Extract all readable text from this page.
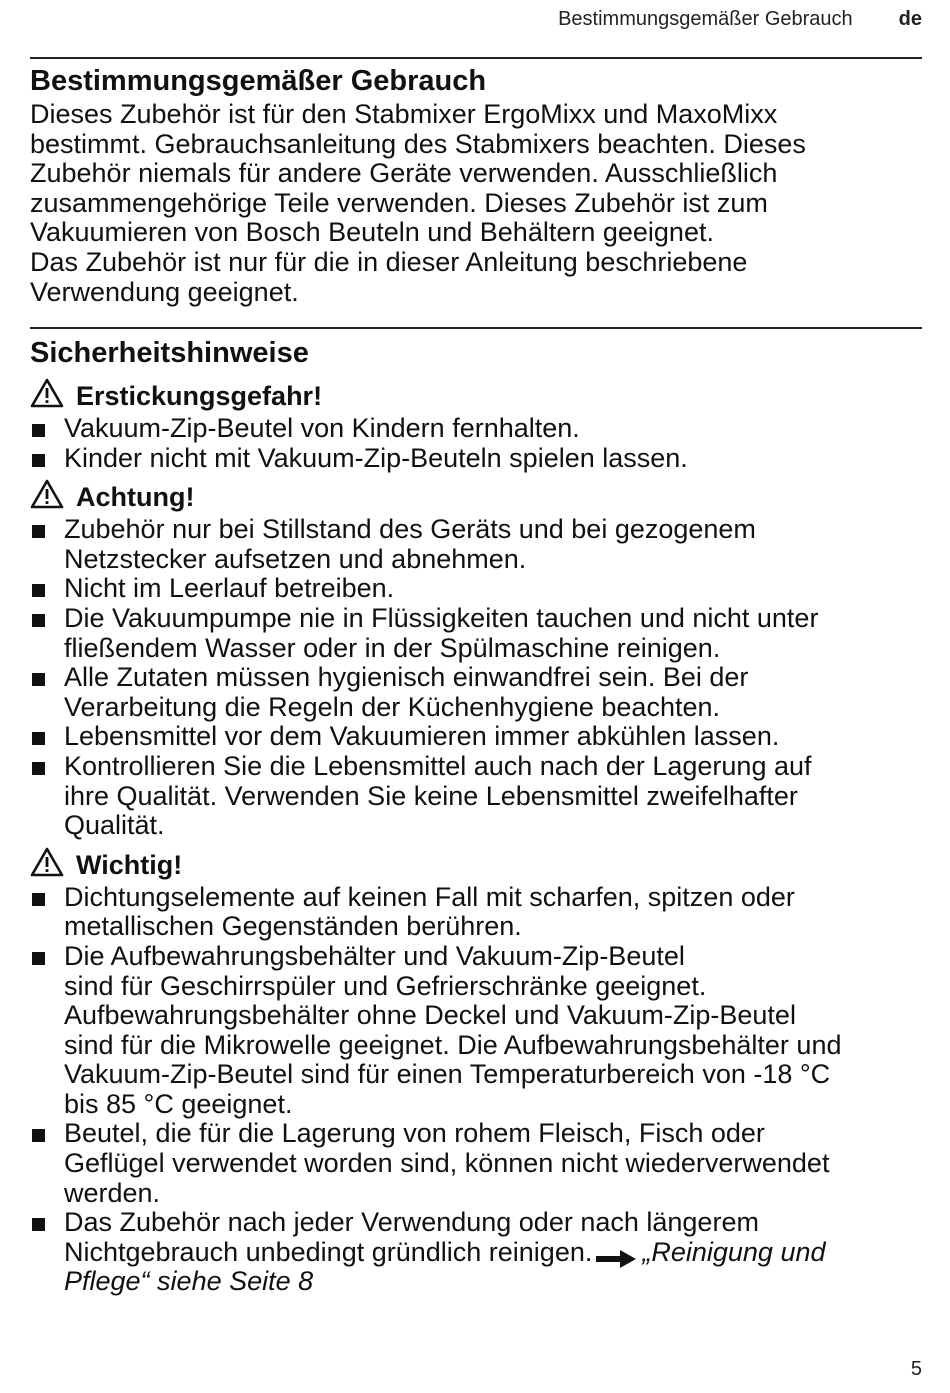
Bestimmungsgemäßer Gebrauch de
Bestimmungsgemäßer Gebrauch
Dieses Zubehör ist für den Stabmixer ErgoMixx und MaxoMixx
bestimmt. Gebrauchsanleitung des Stabmixers beachten. Dieses
Zubehör niemals für andere Geräte verwenden. Ausschließlich
zusammengehörige Teile verwenden. Dieses Zubehör ist zum
Vakuumieren von Bosch Beuteln und Behältern geeignet.
Das Zubehör ist nur für die in dieser Anleitung beschriebene
Verwendung geeignet.
Sicherheitshinweise
Erstickungsgefahr!
Vakuum-Zip-Beutel von Kindern fernhalten.
Kinder nicht mit Vakuum-Zip-Beuteln spielen lassen.
Achtung!
Zubehör nur bei Stillstand des Geräts und bei gezogenem
Netzstecker aufsetzen und abnehmen.
Nicht im Leerlauf betreiben.
Die Vakuumpumpe nie in Flüssigkeiten tauchen und nicht unter
fließendem Wasser oder in der Spülmaschine reinigen.
Alle Zutaten müssen hygienisch einwandfrei sein. Bei der
Verarbeitung die Regeln der Küchenhygiene beachten.
Lebensmittel vor dem Vakuumieren immer abkühlen lassen.
Kontrollieren Sie die Lebensmittel auch nach der Lagerung auf
ihre Qualität. Verwenden Sie keine Lebensmittel zweifelhafter
Qualität.
Wichtig!
Dichtungselemente auf keinen Fall mit scharfen, spitzen oder
metallischen Gegenständen berühren.
Die Aufbewahrungsbehälter und Vakuum-Zip-Beutel
sind für Geschirrspüler und Gefrierschränke geeignet.
Aufbewahrungsbehälter ohne Deckel und Vakuum-Zip-Beutel
sind für die Mikrowelle geeignet. Die Aufbewahrungsbehälter und
Vakuum-Zip-Beutel sind für einen Temperaturbereich von -18 °C
bis 85 °C geeignet.
Beutel, die für die Lagerung von rohem Fleisch, Fisch oder
Geflügel verwendet worden sind, können nicht wiederverwendet
werden.
Das Zubehör nach jeder Verwendung oder nach längerem
Nichtgebrauch unbedingt gründlich reinigen. „Reinigung und
Pflege“ siehe Seite 8
5
